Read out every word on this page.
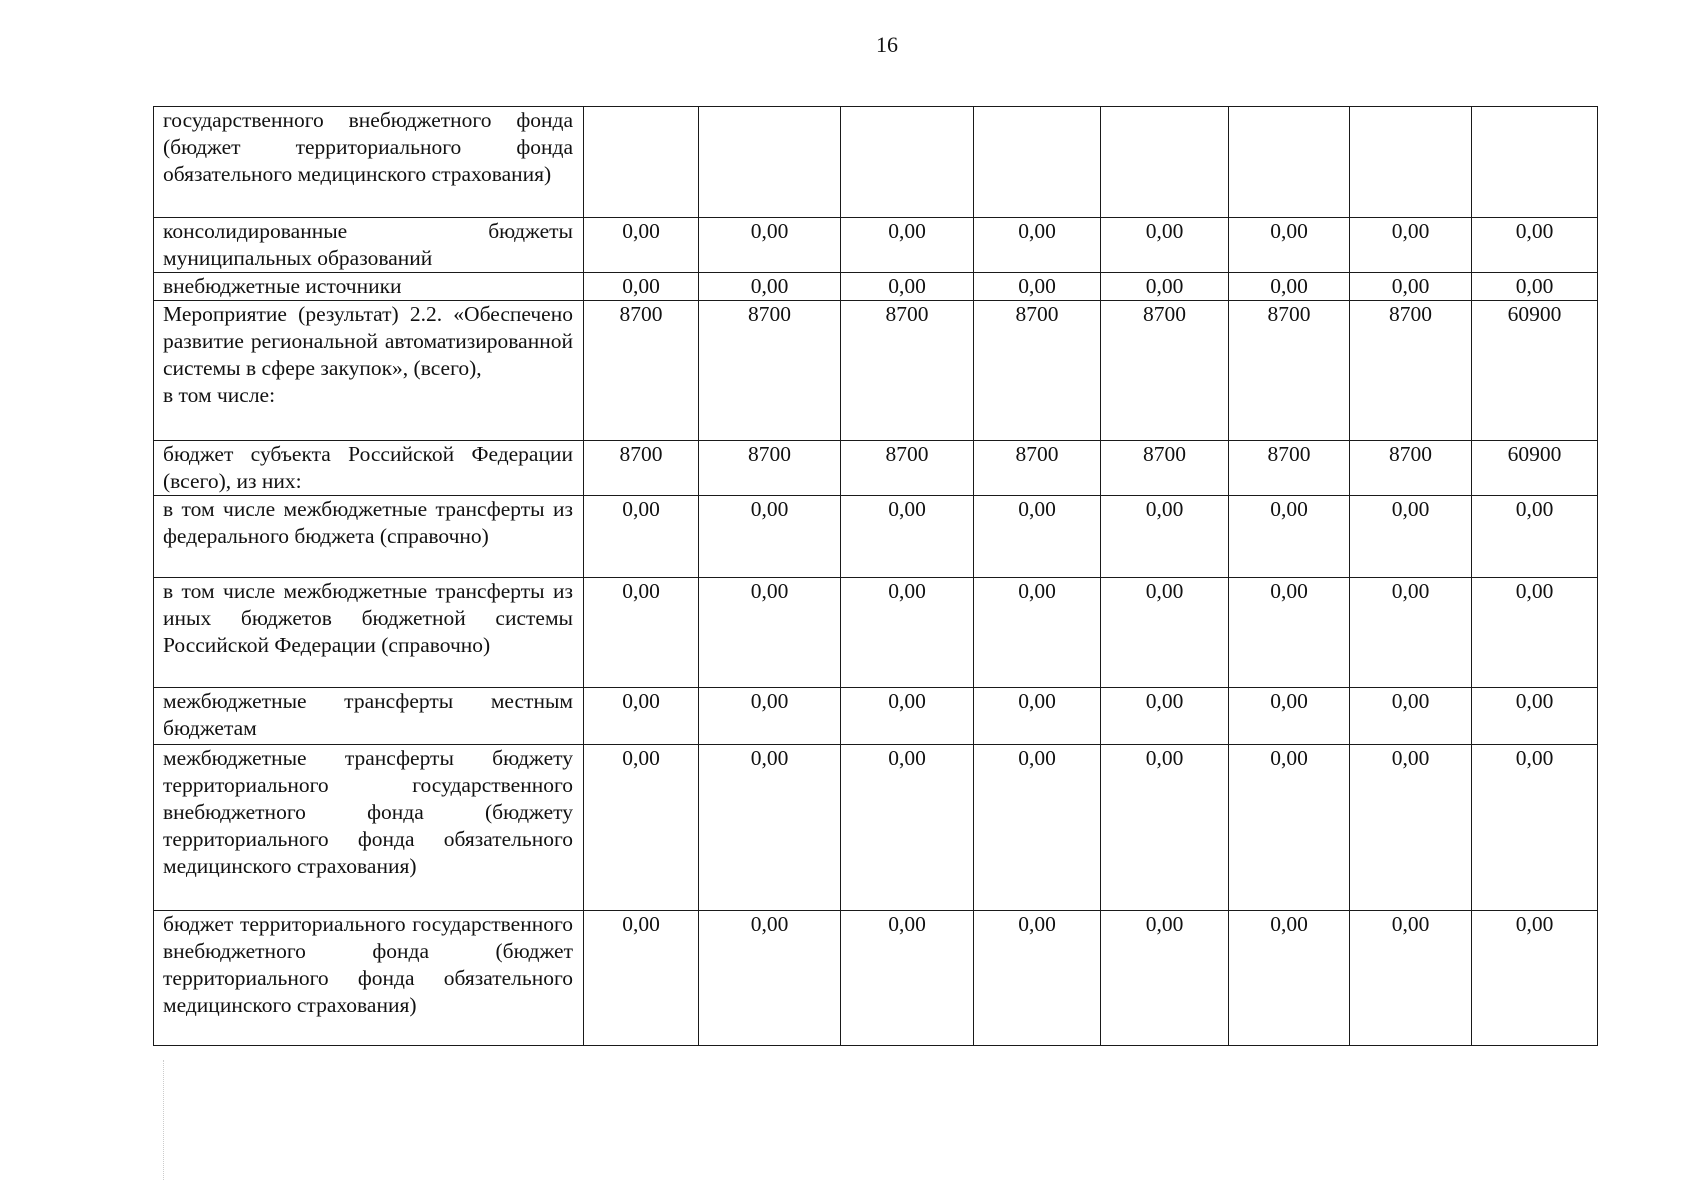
16
государственного внебюджетного фонда (бюджет территориального фонда обязательного медицинского страхования)								
консолидированные бюджеты муниципальных образований	0,00	0,00	0,00	0,00	0,00	0,00	0,00	0,00
внебюджетные источники	0,00	0,00	0,00	0,00	0,00	0,00	0,00	0,00

Мероприятие (результат) 2.2. «Обеспечено развитие региональной автоматизированной системы в сфере закупок», (всего),
в том числе:	8700	8700	8700	8700	8700	8700	8700	60900
бюджет субъекта Российской Федерации (всего), из них:	8700	8700	8700	8700	8700	8700	8700	60900
в том числе межбюджетные трансферты из федерального бюджета (справочно)	0,00	0,00	0,00	0,00	0,00	0,00	0,00	0,00
в том числе межбюджетные трансферты из иных бюджетов бюджетной системы Российской Федерации (справочно)	0,00	0,00	0,00	0,00	0,00	0,00	0,00	0,00
межбюджетные трансферты местным бюджетам	0,00	0,00	0,00	0,00	0,00	0,00	0,00	0,00
межбюджетные трансферты бюджету территориального государственного внебюджетного фонда (бюджету территориального фонда обязательного медицинского страхования)	0,00	0,00	0,00	0,00	0,00	0,00	0,00	0,00
бюджет территориального государственного внебюджетного фонда (бюджет территориального фонда обязательного медицинского страхования)	0,00	0,00	0,00	0,00	0,00	0,00	0,00	0,00
